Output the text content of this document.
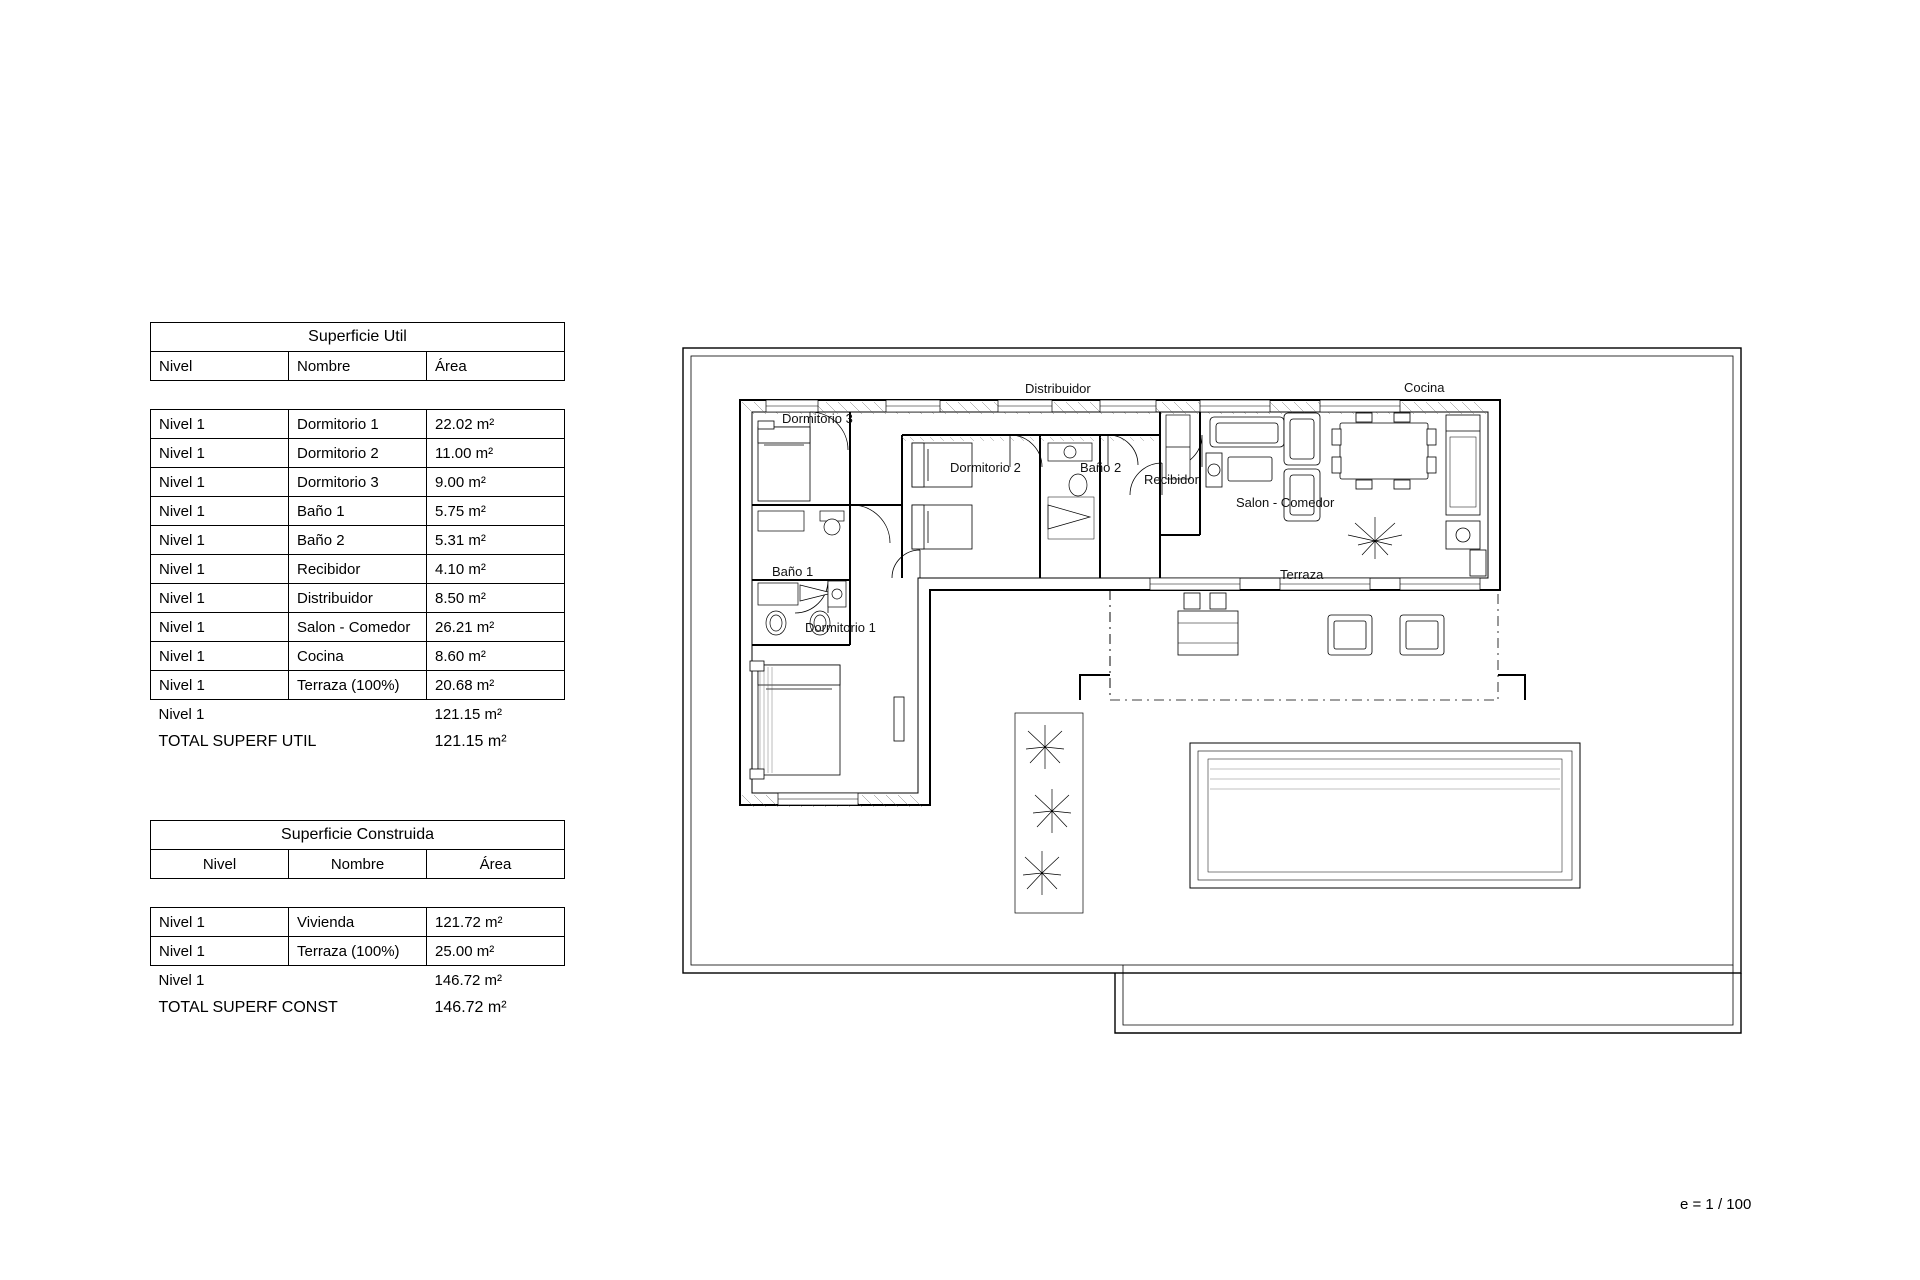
Superficie Util		
Nivel	Nombre	Área

Nivel 1	Dormitorio 1	22.02 m²
Nivel 1	Dormitorio 2	11.00 m²
Nivel 1	Dormitorio 3	9.00 m²
Nivel 1	Baño 1	5.75 m²
Nivel 1	Baño 2	5.31 m²
Nivel 1	Recibidor	4.10 m²
Nivel 1	Distribuidor	8.50 m²
Nivel 1	Salon - Comedor	26.21 m²
Nivel 1	Cocina	8.60 m²
Nivel 1	Terraza (100%)	20.68 m²
Nivel 1		121.15 m²
TOTAL SUPERF UTIL		121.15 m²
Superficie Construida		
Nivel	Nombre	Área

Nivel 1	Vivienda	121.72 m²
Nivel 1	Terraza (100%)	25.00 m²
Nivel 1		146.72 m²
TOTAL SUPERF CONST		146.72 m²
Dormitorio 3
Distribuidor	Cocina
Dormitorio 2	Baño 2
Recibidor
Salon - Comedor
Baño 1	Terraza
Dormitorio 1
e = 1 / 100
